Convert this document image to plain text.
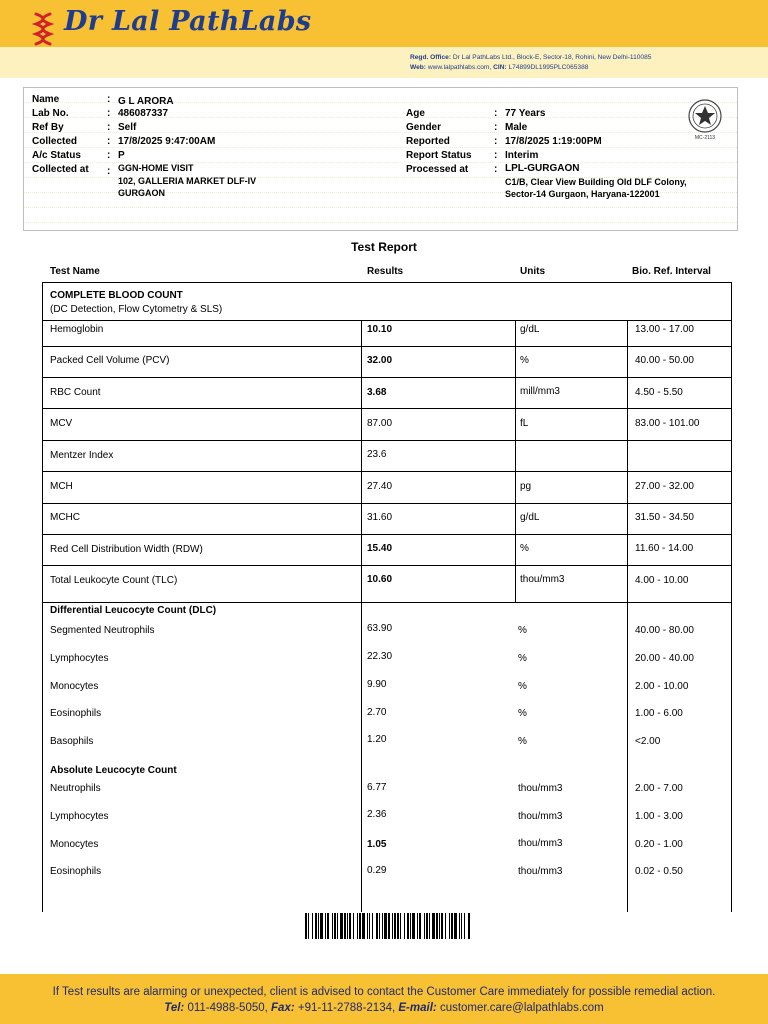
Dr Lal PathLabs
Regd. Office: Dr Lal PathLabs Ltd., Block-E, Sector-18, Rohini, New Delhi-110085
Web: www.lalpathlabs.com, CIN: L74899DL1995PLC065388
Name	: G L ARORA
Lab No.	: 486087337
Ref By	: Self
Collected	: 17/8/2025 9:47:00AM
A/c Status	: P
Collected at : GGN-HOME VISIT
102, GALLERIA MARKET DLF-IV
GURGAON
Age	: 77 Years
Gender	: Male
Reported	: 17/8/2025 1:19:00PM
Report Status : Interim
Processed at	: LPL-GURGAON
C1/B, Clear View Building Old DLF Colony,
Sector-14 Gurgaon, Haryana-122001
MC-2113
Test Report
Test Name	Results	Units	Bio. Ref. Interval
COMPLETE BLOOD COUNT
(DC Detection, Flow Cytometry & SLS)
Hemoglobin	10.10	g/dL	13.00 - 17.00
Packed Cell Volume (PCV)	32.00	%	40.00 - 50.00
RBC Count	3.68	mill/mm3	4.50 - 5.50
MCV	87.00	fL	83.00 - 101.00
Mentzer Index	23.6
MCH	27.40	pg	27.00 - 32.00
MCHC	31.60	g/dL	31.50 - 34.50
Red Cell Distribution Width (RDW)	15.40	%	11.60 - 14.00
Total Leukocyte Count (TLC)	10.60	thou/mm3	4.00 - 10.00
Differential Leucocyte Count (DLC)
Segmented Neutrophils	63.90	%	40.00 - 80.00
Lymphocytes	22.30	%	20.00 - 40.00
Monocytes	9.90	%	2.00 - 10.00
Eosinophils	2.70	%	1.00 - 6.00
Basophils	1.20	%	<2.00
Absolute Leucocyte Count
Neutrophils	6.77	thou/mm3	2.00 - 7.00
Lymphocytes	2.36	thou/mm3	1.00 - 3.00
Monocytes	1.05	thou/mm3	0.20 - 1.00
Eosinophils	0.29	thou/mm3	0.02 - 0.50
If Test results are alarming or unexpected, client is advised to contact the Customer Care immediately for possible remedial action.
Tel: 011-4988-5050, Fax: +91-11-2788-2134, E-mail: customer.care@lalpathlabs.com
